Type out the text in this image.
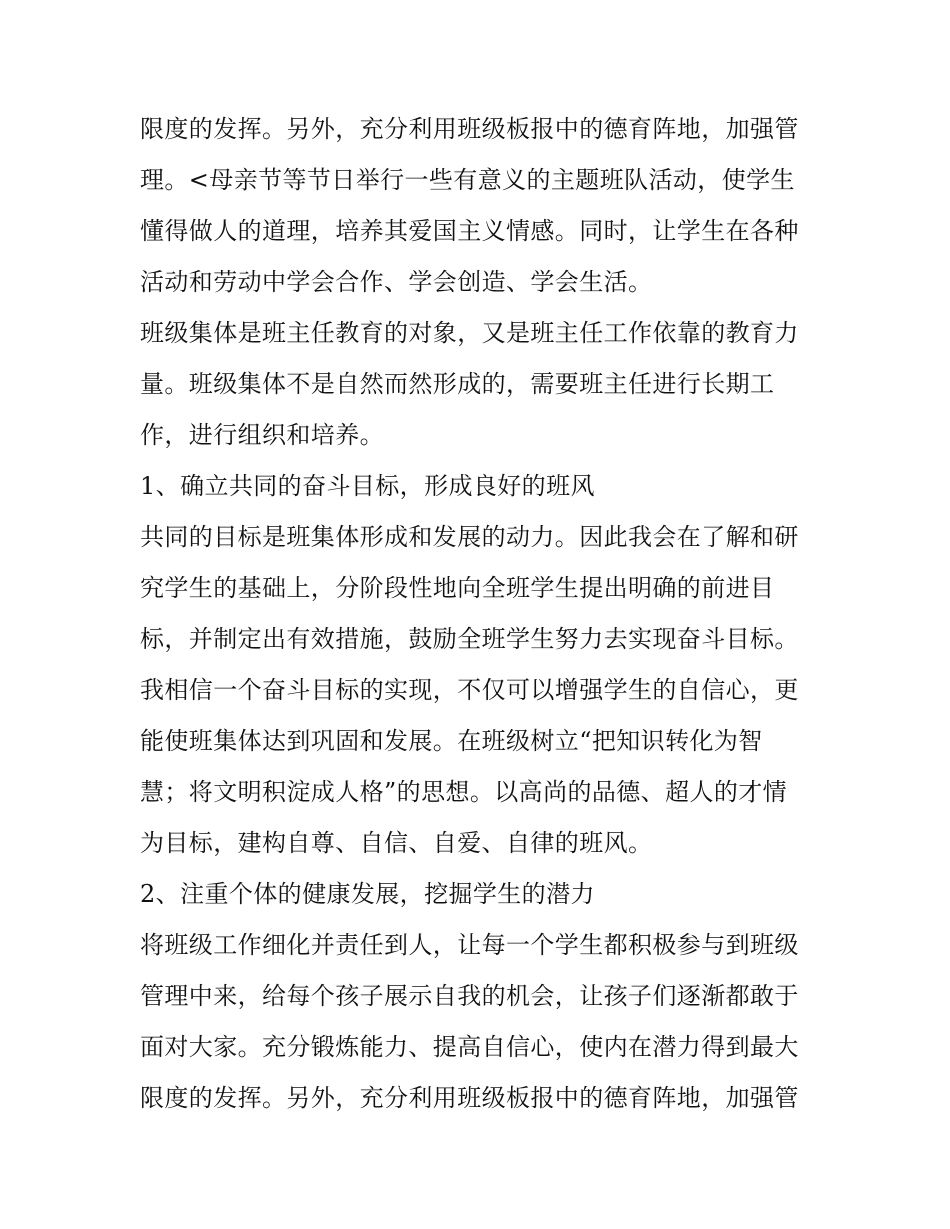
限度的发挥。另外，充分利用班级板报中的德育阵地，加强管
理。<母亲节等节日举行一些有意义的主题班队活动，使学生
懂得做人的道理，培养其爱国主义情感。同时，让学生在各种
活动和劳动中学会合作、学会创造、学会生活。
班级集体是班主任教育的对象，又是班主任工作依靠的教育力
量。班级集体不是自然而然形成的，需要班主任进行长期工
作，进行组织和培养。
1、确立共同的奋斗目标，形成良好的班风
共同的目标是班集体形成和发展的动力。因此我会在了解和研
究学生的基础上，分阶段性地向全班学生提出明确的前进目
标，并制定出有效措施，鼓励全班学生努力去实现奋斗目标。
我相信一个奋斗目标的实现，不仅可以增强学生的自信心，更
能使班集体达到巩固和发展。在班级树立“把知识转化为智
慧；将文明积淀成人格”的思想。以高尚的品德、超人的才情
为目标，建构自尊、自信、自爱、自律的班风。
2、注重个体的健康发展，挖掘学生的潜力
将班级工作细化并责任到人，让每一个学生都积极参与到班级
管理中来，给每个孩子展示自我的机会，让孩子们逐渐都敢于
面对大家。充分锻炼能力、提高自信心，使内在潜力得到最大
限度的发挥。另外，充分利用班级板报中的德育阵地，加强管
